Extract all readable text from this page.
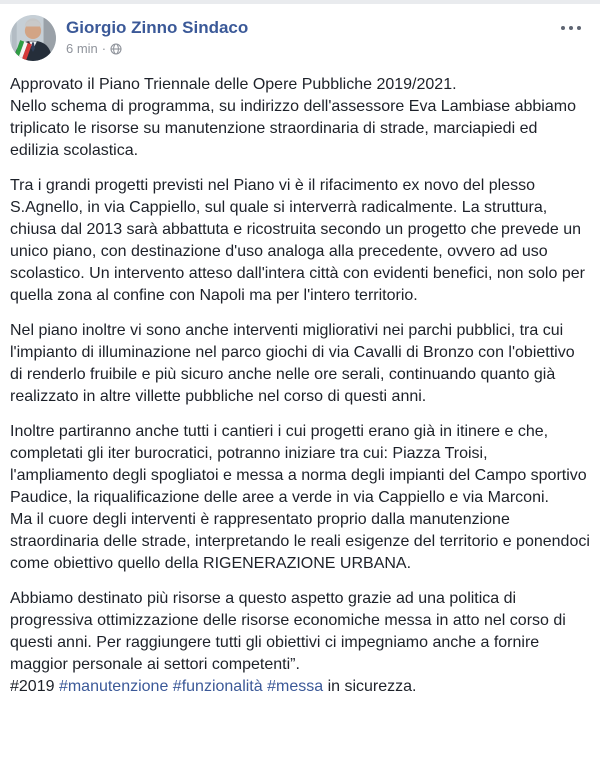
Giorgio Zinno Sindaco
6 min ·

Approvato il Piano Triennale delle Opere Pubbliche 2019/2021.
Nello schema di programma, su indirizzo dell'assessore Eva Lambiase abbiamo triplicato le risorse su manutenzione straordinaria di strade, marciapiedi ed edilizia scolastica.

Tra i grandi progetti previsti nel Piano vi è il rifacimento ex novo del plesso S.Agnello, in via Cappiello, sul quale si interverrà radicalmente. La struttura, chiusa dal 2013 sarà abbattuta e ricostruita secondo un progetto che prevede un unico piano, con destinazione d'uso analoga alla precedente, ovvero ad uso scolastico. Un intervento atteso dall'intera città con evidenti benefici, non solo per quella zona al confine con Napoli ma per l'intero territorio.

Nel piano inoltre vi sono anche interventi migliorativi nei parchi pubblici, tra cui l'impianto di illuminazione nel parco giochi di via Cavalli di Bronzo con l'obiettivo di renderlo fruibile e più sicuro anche nelle ore serali, continuando quanto già realizzato in altre villette pubbliche nel corso di questi anni.

Inoltre partiranno anche tutti i cantieri i cui progetti erano già in itinere e che, completati gli iter burocratici, potranno iniziare tra cui: Piazza Troisi, l'ampliamento degli spogliatoi e messa a norma degli impianti del Campo sportivo Paudice, la riqualificazione delle aree a verde in via Cappiello e via Marconi.
Ma il cuore degli interventi è rappresentato proprio dalla manutenzione straordinaria delle strade, interpretando le reali esigenze del territorio e ponendoci come obiettivo quello della RIGENERAZIONE URBANA.

Abbiamo destinato più risorse a questo aspetto grazie ad una politica di progressiva ottimizzazione delle risorse economiche messa in atto nel corso di questi anni. Per raggiungere tutti gli obiettivi ci impegniamo anche a fornire maggior personale ai settori competenti”.
#2019 #manutenzione #funzionalità #messa in sicurezza.
